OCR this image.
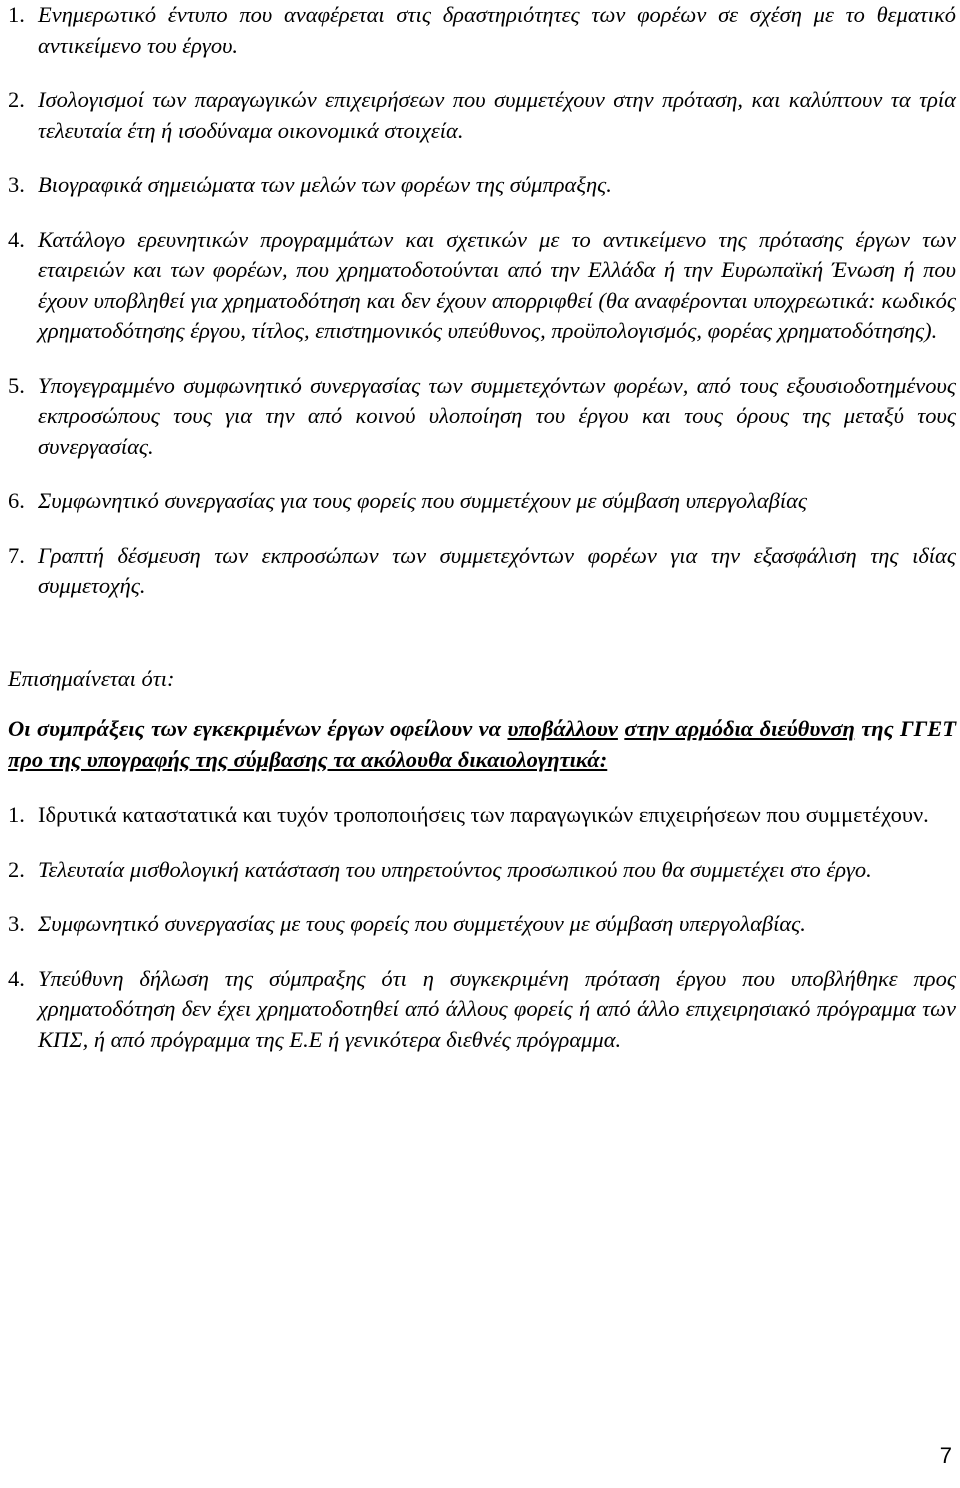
1. Ενημερωτικό έντυπο που αναφέρεται στις δραστηριότητες των φορέων σε σχέση με το θεματικό αντικείμενο του έργου.
2. Ισολογισμοί των παραγωγικών επιχειρήσεων που συμμετέχουν στην πρόταση, και καλύπτουν τα τρία τελευταία έτη ή ισοδύναμα οικονομικά στοιχεία.
3. Βιογραφικά σημειώματα των μελών των φορέων της σύμπραξης.
4. Κατάλογο ερευνητικών προγραμμάτων και σχετικών με το αντικείμενο της πρότασης έργων των εταιρειών και των φορέων, που χρηματοδοτούνται από την Ελλάδα ή την Ευρωπαϊκή Ένωση ή που έχουν υποβληθεί για χρηματοδότηση και δεν έχουν απορριφθεί (θα αναφέρονται υποχρεωτικά: κωδικός χρηματοδότησης έργου, τίτλος, επιστημονικός υπεύθυνος, προϋπολογισμός, φορέας χρηματοδότησης).
5. Υπογεγραμμένο συμφωνητικό συνεργασίας των συμμετεχόντων φορέων, από τους εξουσιοδοτημένους εκπροσώπους τους για την από κοινού υλοποίηση του έργου και τους όρους της μεταξύ τους συνεργασίας.
6. Συμφωνητικό συνεργασίας για τους φορείς που συμμετέχουν με σύμβαση υπεργολαβίας
7. Γραπτή δέσμευση των εκπροσώπων των συμμετεχόντων φορέων για την εξασφάλιση της ιδίας συμμετοχής.
Επισημαίνεται ότι:
Οι συμπράξεις των εγκεκριμένων έργων οφείλουν να υποβάλλουν στην αρμόδια διεύθυνση της ΓΓΕΤ προ της υπογραφής της σύμβασης τα ακόλουθα δικαιολογητικά:
1. Ιδρυτικά καταστατικά και τυχόν τροποποιήσεις των παραγωγικών επιχειρήσεων που συμμετέχουν.
2. Τελευταία μισθολογική κατάσταση του υπηρετούντος προσωπικού που θα συμμετέχει στο έργο.
3. Συμφωνητικό συνεργασίας με τους φορείς που συμμετέχουν με σύμβαση υπεργολαβίας.
4. Υπεύθυνη δήλωση της σύμπραξης ότι η συγκεκριμένη πρόταση έργου που υποβλήθηκε προς χρηματοδότηση δεν έχει χρηματοδοτηθεί από άλλους φορείς ή από άλλο επιχειρησιακό πρόγραμμα των ΚΠΣ, ή από πρόγραμμα της Ε.Ε ή γενικότερα διεθνές πρόγραμμα.
7
